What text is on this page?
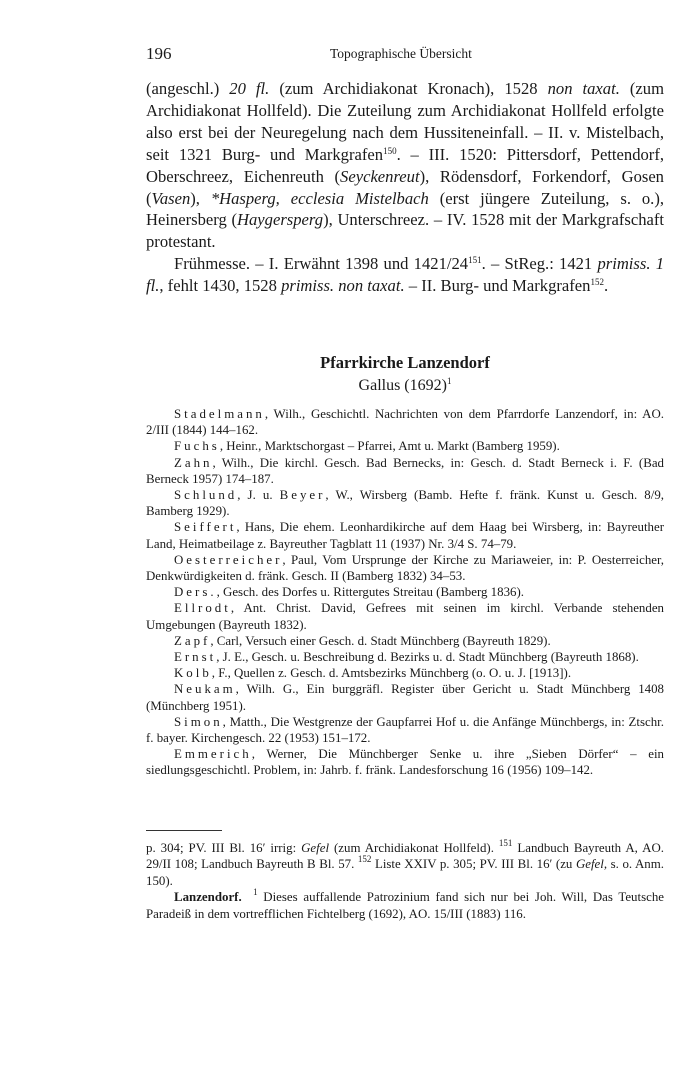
196	Topographische Übersicht

(angeschl.) 20 fl. (zum Archidiakonat Kronach), 1528 non taxat. (zum Archidiakonat Hollfeld). Die Zuteilung zum Archidiakonat Hollfeld erfolgte also erst bei der Neuregelung nach dem Hussiteneinfall. – II. v. Mistelbach, seit 1321 Burg- und Markgrafen$^{150}$. – III. 1520: Pittersdorf, Pettendorf, Oberschreez, Eichenreuth (Seyckenreut), Rödensdorf, Forkendorf, Gosen (Vasen), *Hasperg, ecclesia Mistelbach (erst jüngere Zuteilung, s. o.), Heinersberg (Haygersperg), Unterschreez. – IV. 1528 mit der Markgrafschaft protestant.

Frühmesse. – I. Erwähnt 1398 und $1421/24^{151}$. – StReg.: 1421 primiss. 1 fl., fehlt 1430, 1528 primiss. non taxat. – II. Burg- und Markgrafen$^{152}$.

Pfarrkirche Lanzendorf
Gallus $(1692)^1$

Stadelmann, Wilh., Geschichtl. Nachrichten von dem Pfarrdorfe Lanzendorf, in: AO. 2/III (1844) 144–162.

Fuchs, Heinr., Marktschorgast – Pfarrei, Amt u. Markt (Bamberg 1959).

Zahn, Wilh., Die kirchl. Gesch. Bad Bernecks, in: Gesch. d. Stadt Berneck i. F. (Bad Berneck 1957) 174–187.

Schlund, J. u. Beyer, W., Wirsberg (Bamb. Hefte f. fränk. Kunst u. Gesch. 8/9, Bamberg 1929).

Seiffert, Hans, Die ehem. Leonhardikirche auf dem Haag bei Wirsberg, in: Bayreuther Land, Heimatbeilage z. Bayreuther Tagblatt 11 (1937) Nr. 3/4 S. 74–79.

Oesterreicher, Paul, Vom Ursprunge der Kirche zu Mariaweier, in: P. Oesterreicher, Denkwürdigkeiten d. fränk. Gesch. II (Bamberg 1832) 34–53.

Ders., Gesch. des Dorfes u. Rittergutes Streitau (Bamberg 1836).

Ellrodt, Ant. Christ. David, Gefrees mit seinen im kirchl. Verbande stehenden Umgebungen (Bayreuth 1832).

Zapf, Carl, Versuch einer Gesch. d. Stadt Münchberg (Bayreuth 1829).

Ernst, J. E., Gesch. u. Beschreibung d. Bezirks u. d. Stadt Münchberg (Bayreuth 1868).

Kolb, F., Quellen z. Gesch. d. Amtsbezirks Münchberg (o. O. u. J. [1913]).

Neukam, Wilh. G., Ein burggräfl. Register über Gericht u. Stadt Münchberg 1408 (Münchberg 1951).

Simon, Matth., Die Westgrenze der Gaupfarrei Hof u. die Anfänge Münchbergs, in: Ztschr. f. bayer. Kirchengesch. 22 (1953) 151–172.

Emmerich, Werner, Die Münchberger Senke u. ihre „Sieben Dörfer“ – ein siedlungsgeschichtl. Problem, in: Jahrb. f. fränk. Landesforschung 16 (1956) 109–142.

p. 304; PV. III Bl. 16′ irrig: Gefel (zum Archidiakonat Hollfeld). $^{151}$ Landbuch Bayreuth A, AO. 29/II 108; Landbuch Bayreuth B Bl. 57. $^{152}$ Liste XXIV p. 305; PV. III Bl. 16′ (zu Gefel, s. o. Anm. 150).

Lanzendorf. $^1$ Dieses auffallende Patrozinium fand sich nur bei Joh. Will, Das Teutsche Paradeiß in dem vortrefflichen Fichtelberg (1692), AO. 15/III (1883) 116.
